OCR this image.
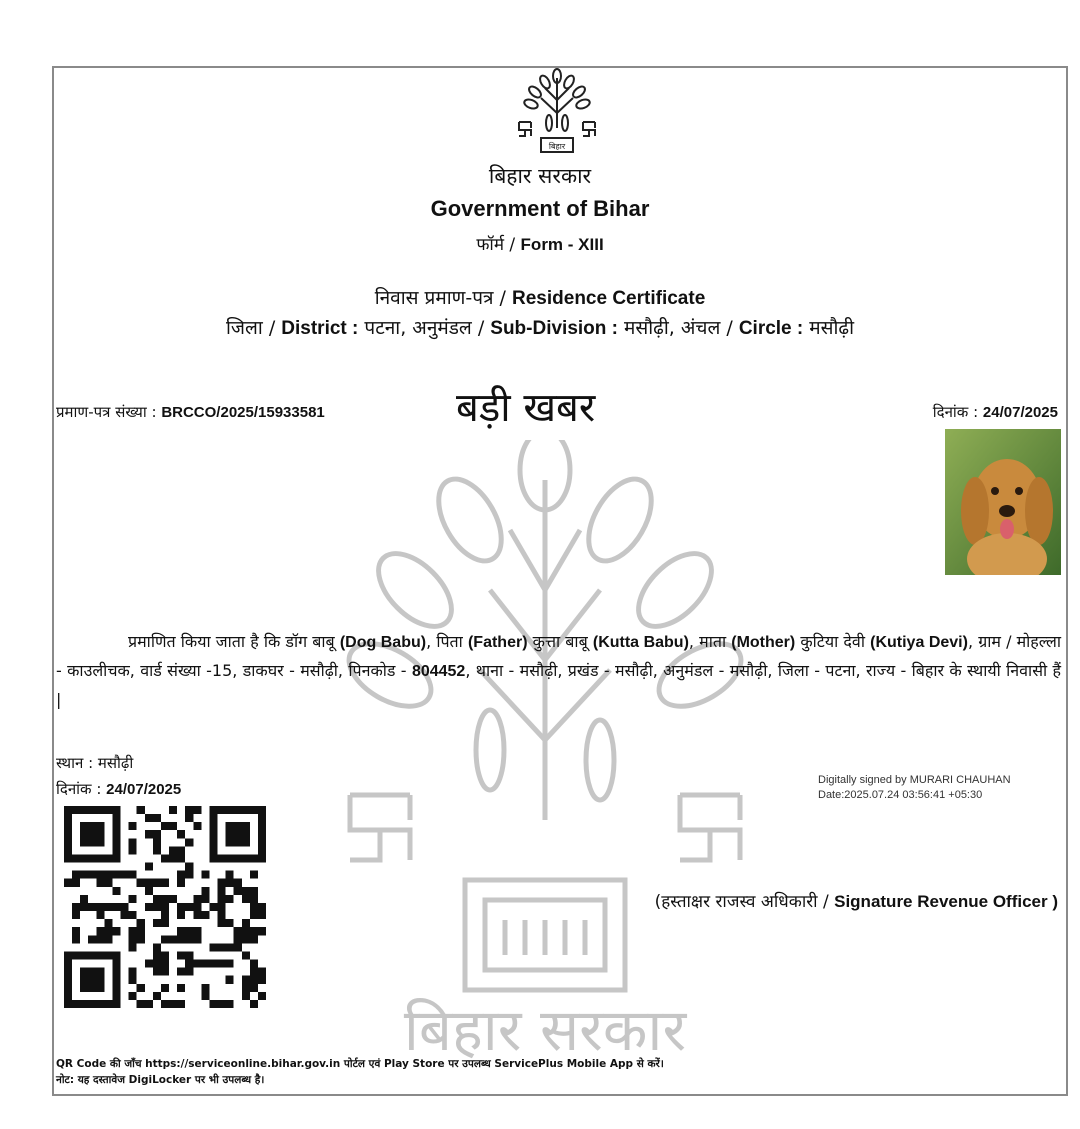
बिहार सरकार
बिहार
बिहार सरकार
Government of Bihar
फॉर्म / Form - XIII
निवास प्रमाण-पत्र / Residence Certificate
जिला / District : पटना, अनुमंडल / Sub-Division : मसौढ़ी, अंचल / Circle : मसौढ़ी
प्रमाण-पत्र संख्या : BRCCO/2025/15933581	बड़ी खबर	दिनांक : 24/07/2025
प्रमाणित किया जाता है कि डॉग बाबू (Dog Babu), पिता (Father) कुत्ता बाबू (Kutta Babu), माता (Mother) कुटिया देवी (Kutiya Devi), ग्राम / मोहल्ला - काउलीचक, वार्ड संख्या -15, डाकघर - मसौढ़ी, पिनकोड - 804452, थाना - मसौढ़ी, प्रखंड - मसौढ़ी, अनुमंडल - मसौढ़ी, जिला - पटना, राज्य - बिहार के स्थायी निवासी हैं |
स्थान : मसौढ़ी
दिनांक : 24/07/2025
Digitally signed by MURARI CHAUHAN
Date:2025.07.24 03:56:41 +05:30
(हस्ताक्षर राजस्व अधिकारी / Signature Revenue Officer )
QR Code की जाँच https://serviceonline.bihar.gov.in पोर्टल एवं Play Store पर उपलब्ध ServicePlus Mobile App से करें।
नोट: यह दस्तावेज DigiLocker पर भी उपलब्ध है।
